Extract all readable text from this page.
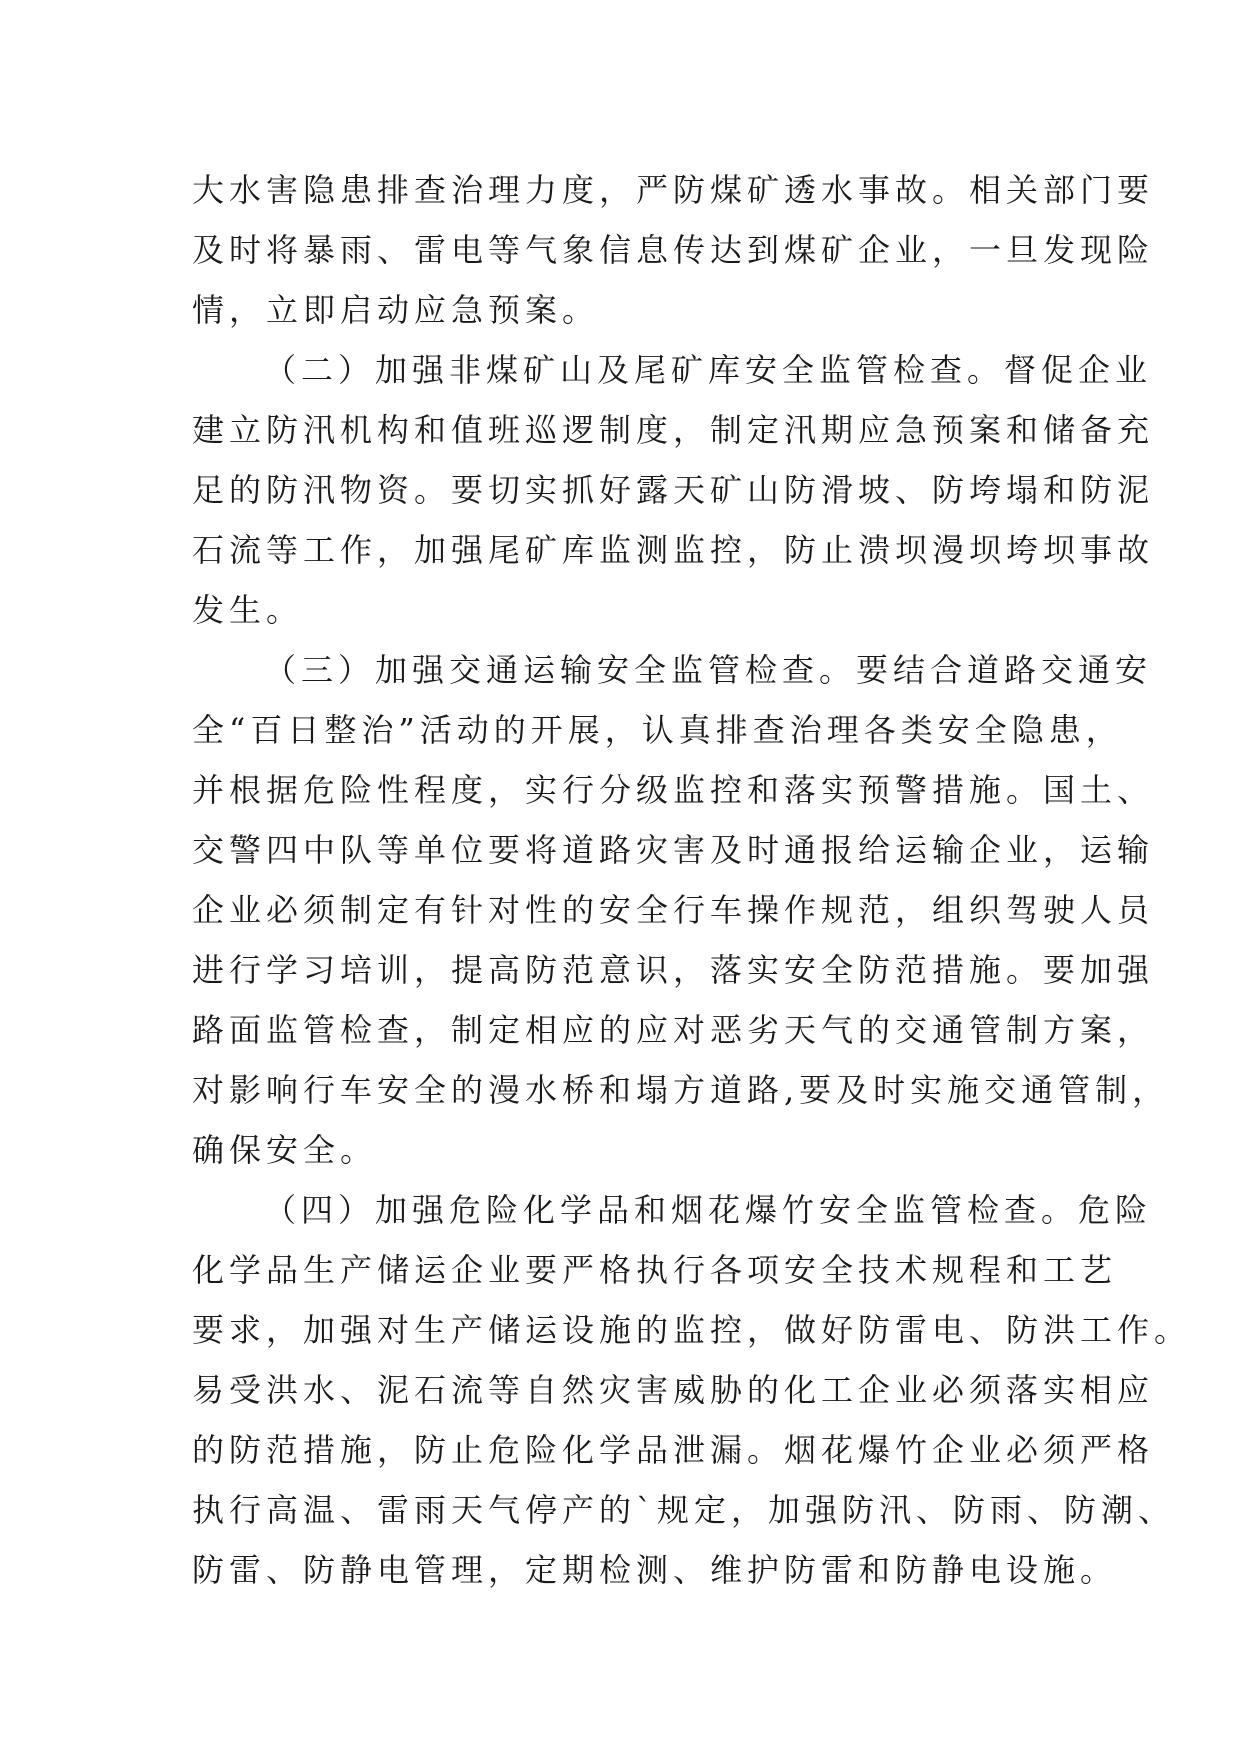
大水害隐患排查治理力度，严防煤矿透水事故。相关部门要
及时将暴雨、雷电等气象信息传达到煤矿企业，一旦发现险
情，立即启动应急预案。
（二）加强非煤矿山及尾矿库安全监管检查。督促企业
建立防汛机构和值班巡逻制度，制定汛期应急预案和储备充
足的防汛物资。要切实抓好露天矿山防滑坡、防垮塌和防泥
石流等工作，加强尾矿库监测监控，防止溃坝漫坝垮坝事故
发生。
（三）加强交通运输安全监管检查。要结合道路交通安
全“百日整治”活动的开展，认真排查治理各类安全隐患，
并根据危险性程度，实行分级监控和落实预警措施。国土、
交警四中队等单位要将道路灾害及时通报给运输企业，运输
企业必须制定有针对性的安全行车操作规范，组织驾驶人员
进行学习培训，提高防范意识，落实安全防范措施。要加强
路面监管检查，制定相应的应对恶劣天气的交通管制方案，
对影响行车安全的漫水桥和塌方道路,要及时实施交通管制，
确保安全。
（四）加强危险化学品和烟花爆竹安全监管检查。危险
化学品生产储运企业要严格执行各项安全技术规程和工艺
要求，加强对生产储运设施的监控，做好防雷电、防洪工作。
易受洪水、泥石流等自然灾害威胁的化工企业必须落实相应
的防范措施，防止危险化学品泄漏。烟花爆竹企业必须严格
执行高温、雷雨天气停产的`规定，加强防汛、防雨、防潮、
防雷、防静电管理，定期检测、维护防雷和防静电设施。
